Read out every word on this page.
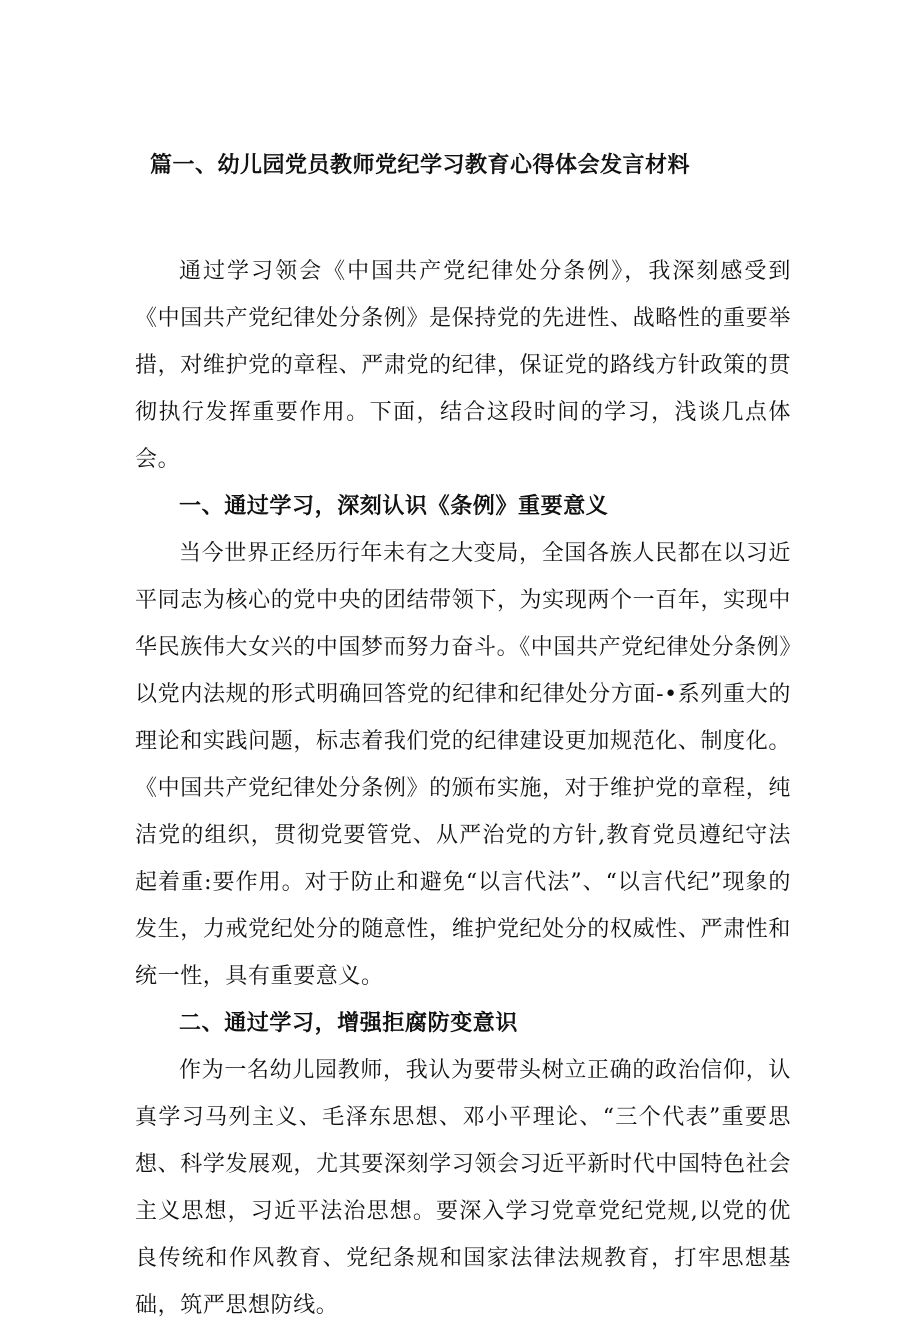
篇一、幼儿园党员教师党纪学习教育心得体会发言材料

通过学习领会《中国共产党纪律处分条例》，我深刻感受到《中国共产党纪律处分条例》是保持党的先进性、战略性的重要举措，对维护党的章程、严肃党的纪律，保证党的路线方针政策的贯彻执行发挥重要作用。下面，结合这段时间的学习，浅谈几点体会。

一、通过学习，深刻认识《条例》重要意义

当今世界正经历行年未有之大变局，全国各族人民都在以习近平同志为核心的党中央的团结带领下，为实现两个一百年，实现中华民族伟大女兴的中国梦而努力奋斗。《中国共产党纪律处分条例》以党内法规的形式明确回答党的纪律和纪律处分方面-•系列重大的理论和实践问题，标志着我们党的纪律建设更加规范化、制度化。《中国共产党纪律处分条例》的颁布实施，对于维护党的章程，纯洁党的组织，贯彻党要管党、从严治党的方针,教育党员遵纪守法起着重:要作用。对于防止和避免“以言代法”、“以言代纪”现象的发生，力戒党纪处分的随意性，维护党纪处分的权威性、严肃性和统一性，具有重要意义。

二、通过学习，增强拒腐防变意识

作为一名幼儿园教师，我认为要带头树立正确的政治信仰，认真学习马列主义、毛泽东思想、邓小平理论、“三个代表”重要思想、科学发展观，尤其要深刻学习领会习近平新时代中国特色社会主义思想，习近平法治思想。要深入学习党章党纪党规,以党的优良传统和作风教育、党纪条规和国家法律法规教育，打牢思想基础，筑严思想防线。
